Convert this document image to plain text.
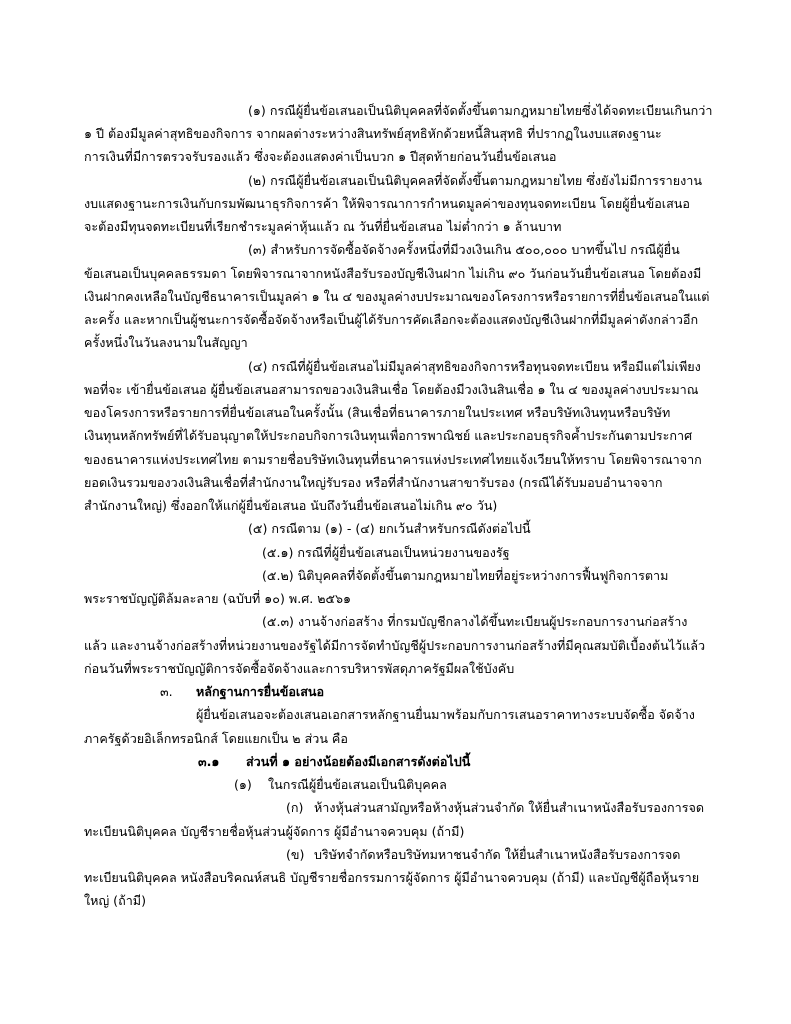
(๑) กรณีผู้ยื่นข้อเสนอเป็นนิติบุคคลที่จัดตั้งขึ้นตามกฎหมายไทยซึ่งได้จดทะเบียนเกินกว่า
๑ ปี ต้องมีมูลค่าสุทธิของกิจการ จากผลต่างระหว่างสินทรัพย์สุทธิหักด้วยหนี้สินสุทธิ ที่ปรากฏในงบแสดงฐานะ
การเงินที่มีการตรวจรับรองแล้ว ซึ่งจะต้องแสดงค่าเป็นบวก ๑ ปีสุดท้ายก่อนวันยื่นข้อเสนอ
(๒) กรณีผู้ยื่นข้อเสนอเป็นนิติบุคคลที่จัดตั้งขึ้นตามกฎหมายไทย ซึ่งยังไม่มีการรายงาน
งบแสดงฐานะการเงินกับกรมพัฒนาธุรกิจการค้า ให้พิจารณาการกำหนดมูลค่าของทุนจดทะเบียน โดยผู้ยื่นข้อเสนอ
จะต้องมีทุนจดทะเบียนที่เรียกชำระมูลค่าหุ้นแล้ว ณ วันที่ยื่นข้อเสนอ ไม่ต่ำกว่า ๑ ล้านบาท
(๓) สำหรับการจัดซื้อจัดจ้างครั้งหนึ่งที่มีวงเงินเกิน ๕๐๐,๐๐๐ บาทขึ้นไป กรณีผู้ยื่น
ข้อเสนอเป็นบุคคลธรรมดา โดยพิจารณาจากหนังสือรับรองบัญชีเงินฝาก ไม่เกิน ๙๐ วันก่อนวันยื่นข้อเสนอ โดยต้องมี
เงินฝากคงเหลือในบัญชีธนาคารเป็นมูลค่า ๑ ใน ๔ ของมูลค่างบประมาณของโครงการหรือรายการที่ยื่นข้อเสนอในแต่
ละครั้ง และหากเป็นผู้ชนะการจัดซื้อจัดจ้างหรือเป็นผู้ได้รับการคัดเลือกจะต้องแสดงบัญชีเงินฝากที่มีมูลค่าดังกล่าวอีก
ครั้งหนึ่งในวันลงนามในสัญญา
(๔) กรณีที่ผู้ยื่นข้อเสนอไม่มีมูลค่าสุทธิของกิจการหรือทุนจดทะเบียน หรือมีแต่ไม่เพียง
พอที่จะ เข้ายื่นข้อเสนอ ผู้ยื่นข้อเสนอสามารถขอวงเงินสินเชื่อ โดยต้องมีวงเงินสินเชื่อ ๑ ใน ๔ ของมูลค่างบประมาณ
ของโครงการหรือรายการที่ยื่นข้อเสนอในครั้งนั้น (สินเชื่อที่ธนาคารภายในประเทศ หรือบริษัทเงินทุนหรือบริษัท
เงินทุนหลักทรัพย์ที่ได้รับอนุญาตให้ประกอบกิจการเงินทุนเพื่อการพาณิชย์ และประกอบธุรกิจค้ำประกันตามประกาศ
ของธนาคารแห่งประเทศไทย ตามรายชื่อบริษัทเงินทุนที่ธนาคารแห่งประเทศไทยแจ้งเวียนให้ทราบ โดยพิจารณาจาก
ยอดเงินรวมของวงเงินสินเชื่อที่สำนักงานใหญ่รับรอง หรือที่สำนักงานสาขารับรอง (กรณีได้รับมอบอำนาจจาก
สำนักงานใหญ่) ซึ่งออกให้แก่ผู้ยื่นข้อเสนอ นับถึงวันยื่นข้อเสนอไม่เกิน ๙๐ วัน)
(๕) กรณีตาม (๑) - (๔) ยกเว้นสำหรับกรณีดังต่อไปนี้
(๕.๑) กรณีที่ผู้ยื่นข้อเสนอเป็นหน่วยงานของรัฐ
(๕.๒) นิติบุคคลที่จัดตั้งขึ้นตามกฎหมายไทยที่อยู่ระหว่างการฟื้นฟูกิจการตาม
พระราชบัญญัติล้มละลาย (ฉบับที่ ๑๐) พ.ศ. ๒๕๖๑
(๕.๓) งานจ้างก่อสร้าง ที่กรมบัญชีกลางได้ขึ้นทะเบียนผู้ประกอบการงานก่อสร้าง
แล้ว และงานจ้างก่อสร้างที่หน่วยงานของรัฐได้มีการจัดทำบัญชีผู้ประกอบการงานก่อสร้างที่มีคุณสมบัติเบื้องต้นไว้แล้ว
ก่อนวันที่พระราชบัญญัติการจัดซื้อจัดจ้างและการบริหารพัสดุภาครัฐมีผลใช้บังคับ
๓. หลักฐานการยื่นข้อเสนอ
ผู้ยื่นข้อเสนอจะต้องเสนอเอกสารหลักฐานยื่นมาพร้อมกับการเสนอราคาทางระบบจัดซื้อ จัดจ้าง
ภาครัฐด้วยอิเล็กทรอนิกส์ โดยแยกเป็น ๒ ส่วน คือ
๓.๑ ส่วนที่ ๑ อย่างน้อยต้องมีเอกสารดังต่อไปนี้
(๑) ในกรณีผู้ยื่นข้อเสนอเป็นนิติบุคคล
(ก) ห้างหุ้นส่วนสามัญหรือห้างหุ้นส่วนจำกัด ให้ยื่นสำเนาหนังสือรับรองการจด
ทะเบียนนิติบุคคล บัญชีรายชื่อหุ้นส่วนผู้จัดการ ผู้มีอำนาจควบคุม (ถ้ามี)
(ข) บริษัทจำกัดหรือบริษัทมหาชนจำกัด ให้ยื่นสำเนาหนังสือรับรองการจด
ทะเบียนนิติบุคคล หนังสือบริคณห์สนธิ บัญชีรายชื่อกรรมการผู้จัดการ ผู้มีอำนาจควบคุม (ถ้ามี) และบัญชีผู้ถือหุ้นราย
ใหญ่ (ถ้ามี)
